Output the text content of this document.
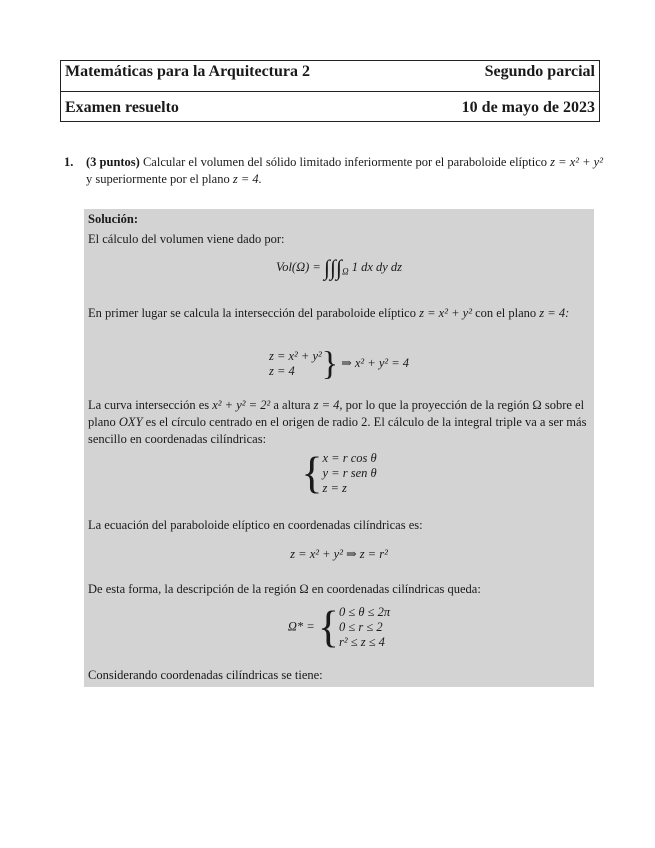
Matemáticas para la Arquitectura 2	Segundo parcial
Examen resuelto	10 de mayo de 2023
1. (3 puntos) Calcular el volumen del sólido limitado inferiormente por el paraboloide elíptico z = x² + y² y superiormente por el plano z = 4.
Solución:
El cálculo del volumen viene dado por:
$Vol(\Omega) = \int\int\int_\Omega$ 1 dx dy dz
En primer lugar se calcula la intersección del paraboloide elíptico z = x² + y² con el plano z = 4:
z = x² + y²
z = 4 } ⇒ x² + y² = 4
La curva intersección es x² + y² = 2² a altura z = 4, por lo que la proyección de la región Ω sobre el plano OXY es el círculo centrado en el origen de radio 2. El cálculo de la integral triple va a ser más sencillo en coordenadas cilíndricas:
{ x = r cos θ
y = r sen θ
z = z
La ecuación del paraboloide elíptico en coordenadas cilíndricas es:
z = x² + y² ⇒ z = r²
De esta forma, la descripción de la región Ω en coordenadas cilíndricas queda:
Ω* = { 0 ≤ θ ≤ 2π
0 ≤ r ≤ 2
r² ≤ z ≤ 4
Considerando coordenadas cilíndricas se tiene:
